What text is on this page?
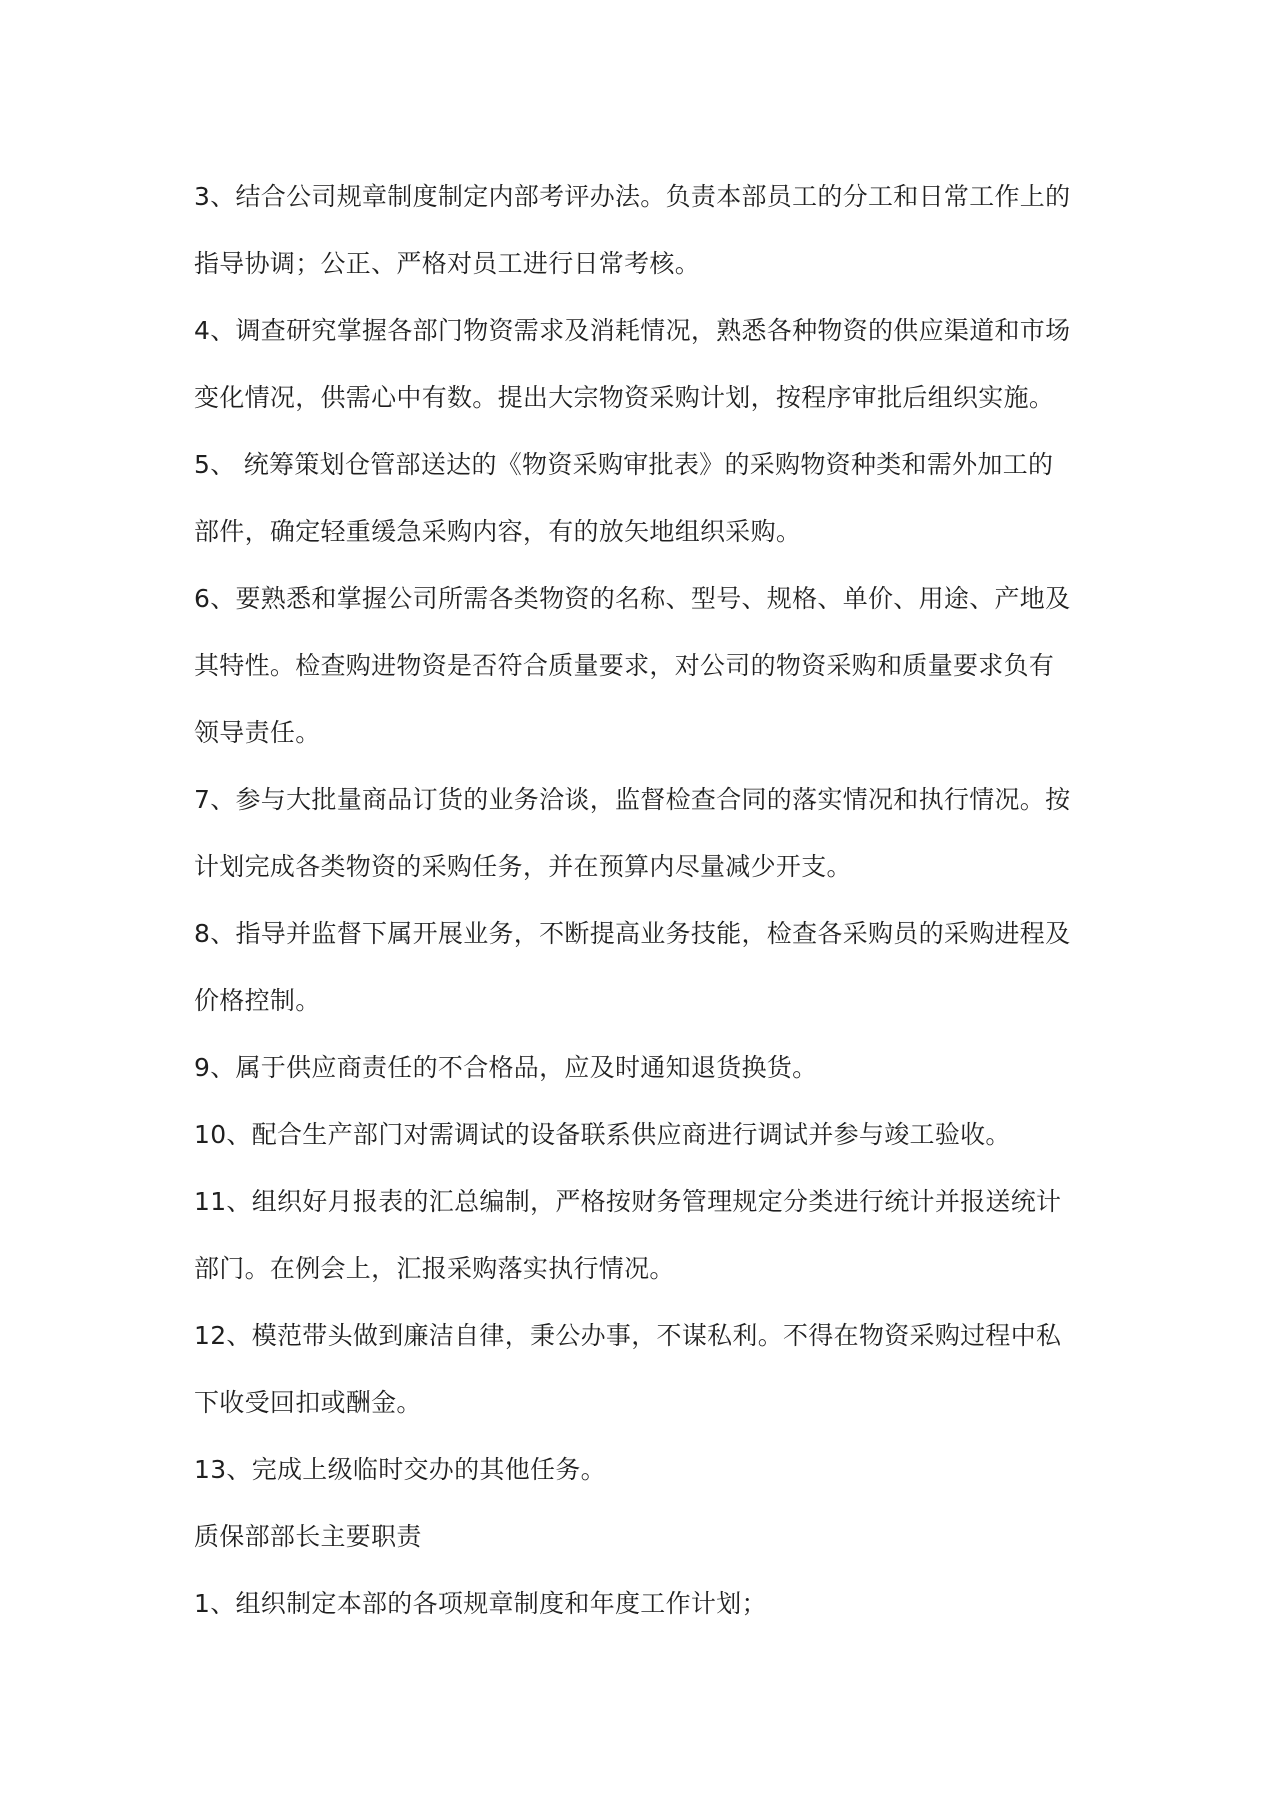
3、结合公司规章制度制定内部考评办法。负责本部员工的分工和日常工作上的
指导协调；公正、严格对员工进行日常考核。
4、调查研究掌握各部门物资需求及消耗情况，熟悉各种物资的供应渠道和市场
变化情况，供需心中有数。提出大宗物资采购计划，按程序审批后组织实施。
5、 统筹策划仓管部送达的《物资采购审批表》的采购物资种类和需外加工的
部件，确定轻重缓急采购内容，有的放矢地组织采购。
6、要熟悉和掌握公司所需各类物资的名称、型号、规格、单价、用途、产地及
其特性。检查购进物资是否符合质量要求，对公司的物资采购和质量要求负有
领导责任。
7、参与大批量商品订货的业务洽谈，监督检查合同的落实情况和执行情况。按
计划完成各类物资的采购任务，并在预算内尽量减少开支。
8、指导并监督下属开展业务，不断提高业务技能，检查各采购员的采购进程及
价格控制。
9、属于供应商责任的不合格品，应及时通知退货换货。
10、配合生产部门对需调试的设备联系供应商进行调试并参与竣工验收。
11、组织好月报表的汇总编制，严格按财务管理规定分类进行统计并报送统计
部门。在例会上，汇报采购落实执行情况。
12、模范带头做到廉洁自律，秉公办事，不谋私利。不得在物资采购过程中私
下收受回扣或酬金。
13、完成上级临时交办的其他任务。
质保部部长主要职责
1、组织制定本部的各项规章制度和年度工作计划；
